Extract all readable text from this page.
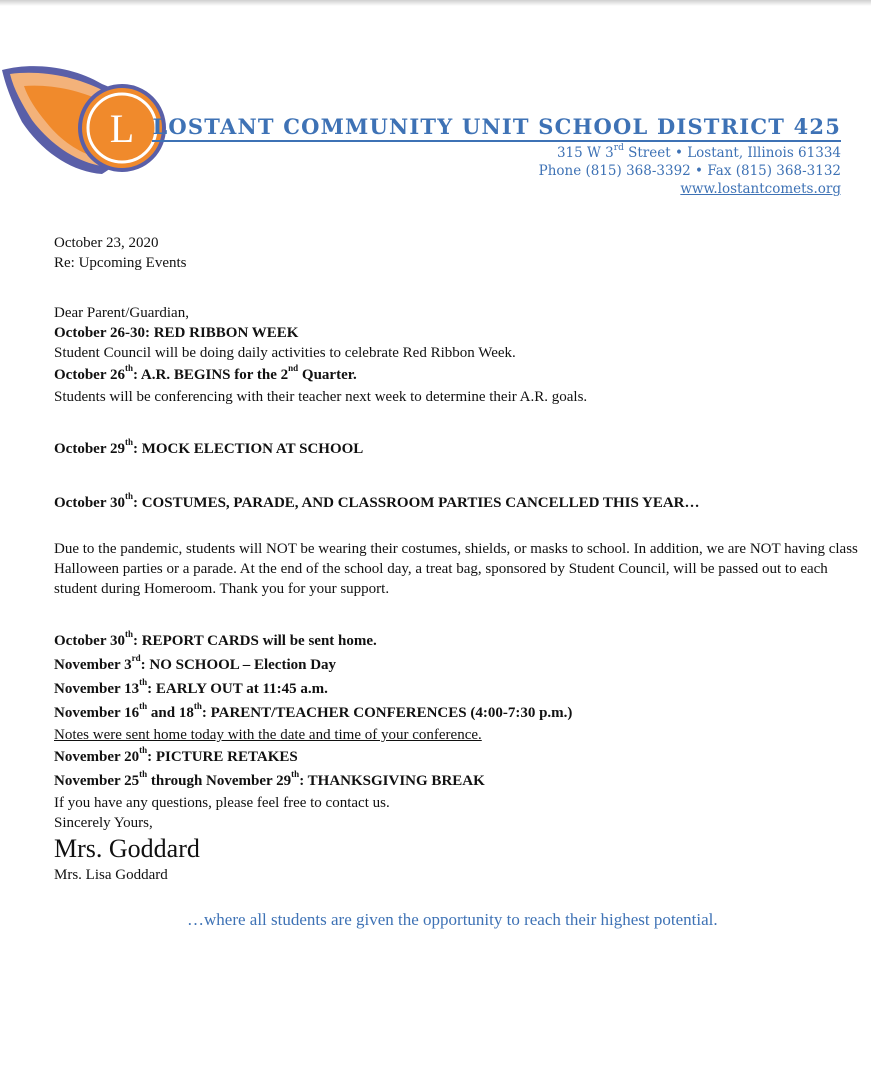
L LOSTANT COMMUNITY UNIT SCHOOL DISTRICT 425
315 W 3rd Street • Lostant, Illinois 61334
Phone (815) 368-3392 • Fax (815) 368-3132
www.lostantcomets.org

October 23, 2020

Re: Upcoming Events

Dear Parent/Guardian,

October 26-30: RED RIBBON WEEK

Student Council will be doing daily activities to celebrate Red Ribbon Week.

October 26th: A.R. BEGINS for the 2nd Quarter.

Students will be conferencing with their teacher next week to determine their A.R. goals.

October 29th: MOCK ELECTION AT SCHOOL

October 30th: COSTUMES, PARADE, AND CLASSROOM PARTIES CANCELLED THIS YEAR…

Due to the pandemic, students will NOT be wearing their costumes, shields, or masks to school. In addition, we are NOT having class Halloween parties or a parade. At the end of the school day, a treat bag, sponsored by Student Council, will be passed out to each student during Homeroom. Thank you for your support.

October 30th: REPORT CARDS will be sent home.

November 3rd: NO SCHOOL – Election Day

November 13th: EARLY OUT at 11:45 a.m.

November 16th and 18th: PARENT/TEACHER CONFERENCES (4:00-7:30 p.m.)

Notes were sent home today with the date and time of your conference.

November 20th: PICTURE RETAKES

November 25th through November 29th: THANKSGIVING BREAK

If you have any questions, please feel free to contact us.

Sincerely Yours,

Mrs. Goddard

Mrs. Lisa Goddard

…where all students are given the opportunity to reach their highest potential.
